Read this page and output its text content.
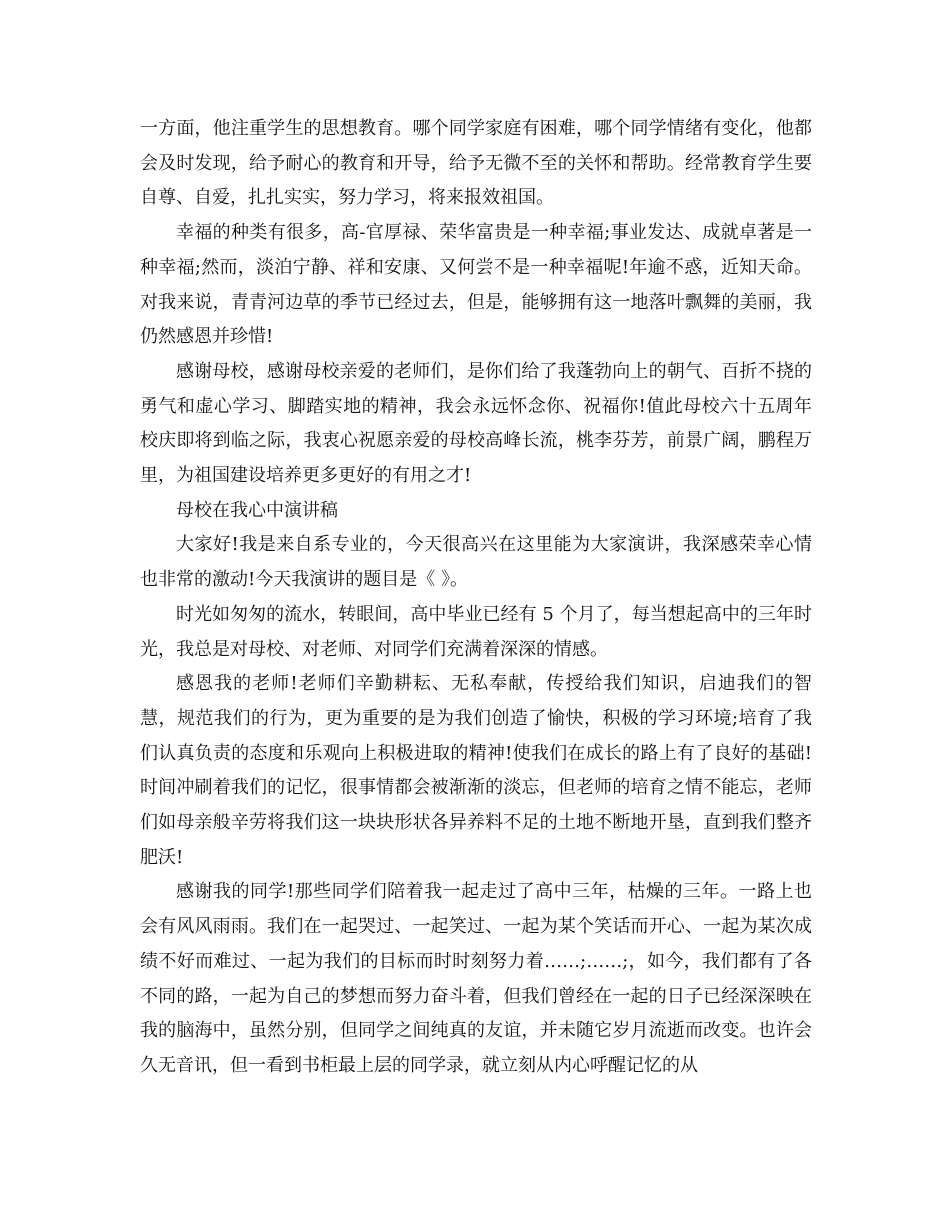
一方面，他注重学生的思想教育。哪个同学家庭有困难，哪个同学情绪有变化，他都会及时发现，给予耐心的教育和开导，给予无微不至的关怀和帮助。经常教育学生要自尊、自爱，扎扎实实，努力学习，将来报效祖国。

幸福的种类有很多，高-官厚禄、荣华富贵是一种幸福;事业发达、成就卓著是一种幸福;然而，淡泊宁静、祥和安康、又何尝不是一种幸福呢!年逾不惑，近知天命。对我来说，青青河边草的季节已经过去，但是，能够拥有这一地落叶飘舞的美丽，我仍然感恩并珍惜!

感谢母校，感谢母校亲爱的老师们，是你们给了我蓬勃向上的朝气、百折不挠的勇气和虚心学习、脚踏实地的精神，我会永远怀念你、祝福你!值此母校六十五周年校庆即将到临之际，我衷心祝愿亲爱的母校高峰长流，桃李芬芳，前景广阔，鹏程万里，为祖国建设培养更多更好的有用之才!

母校在我心中演讲稿

大家好!我是来自系专业的，今天很高兴在这里能为大家演讲，我深感荣幸心情也非常的激动!今天我演讲的题目是《 》。

时光如匆匆的流水，转眼间，高中毕业已经有 5 个月了，每当想起高中的三年时光，我总是对母校、对老师、对同学们充满着深深的情感。

感恩我的老师!老师们辛勤耕耘、无私奉献，传授给我们知识，启迪我们的智慧，规范我们的行为，更为重要的是为我们创造了愉快，积极的学习环境;培育了我们认真负责的态度和乐观向上积极进取的精神!使我们在成长的路上有了良好的基础!时间冲刷着我们的记忆，很事情都会被渐渐的淡忘，但老师的培育之情不能忘，老师们如母亲般辛劳将我们这一块块形状各异养料不足的土地不断地开垦，直到我们整齐肥沃!

感谢我的同学!那些同学们陪着我一起走过了高中三年，枯燥的三年。一路上也会有风风雨雨。我们在一起哭过、一起笑过、一起为某个笑话而开心、一起为某次成绩不好而难过、一起为我们的目标而时时刻努力着……;……;，如今，我们都有了各不同的路，一起为自己的梦想而努力奋斗着，但我们曾经在一起的日子已经深深映在我的脑海中，虽然分别，但同学之间纯真的友谊，并未随它岁月流逝而改变。也许会久无音讯，但一看到书柜最上层的同学录，就立刻从内心呼醒记忆的从
